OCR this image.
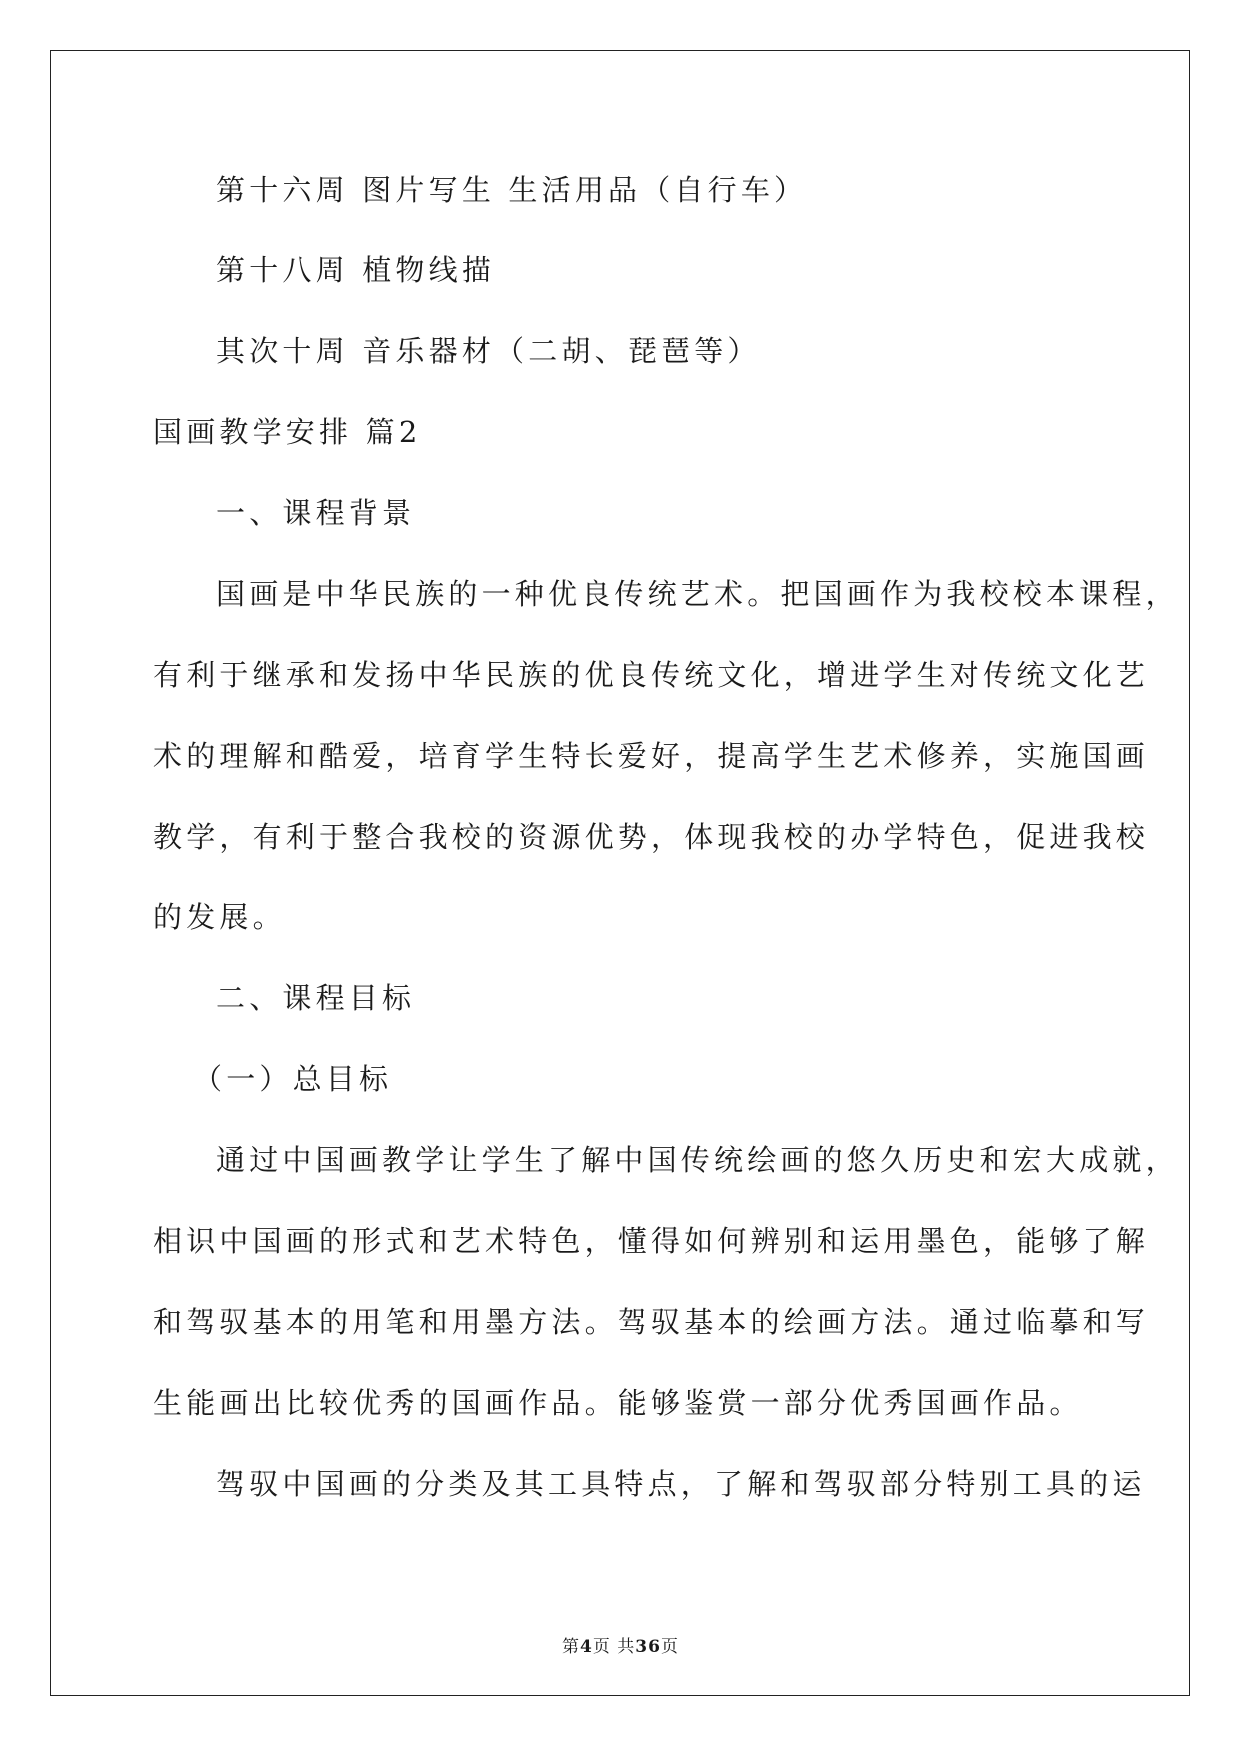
第十六周 图片写生 生活用品（自行车）
第十八周 植物线描
其次十周 音乐器材（二胡、琵琶等）
国画教学安排 篇2
一、课程背景
国画是中华民族的一种优良传统艺术。把国画作为我校校本课程，
有利于继承和发扬中华民族的优良传统文化，增进学生对传统文化艺
术的理解和酷爱，培育学生特长爱好，提高学生艺术修养，实施国画
教学，有利于整合我校的资源优势，体现我校的办学特色，促进我校
的发展。
二、课程目标
（一）总目标
通过中国画教学让学生了解中国传统绘画的悠久历史和宏大成就，
相识中国画的形式和艺术特色，懂得如何辨别和运用墨色，能够了解
和驾驭基本的用笔和用墨方法。驾驭基本的绘画方法。通过临摹和写
生能画出比较优秀的国画作品。能够鉴赏一部分优秀国画作品。
驾驭中国画的分类及其工具特点，了解和驾驭部分特别工具的运
第4页 共36页
